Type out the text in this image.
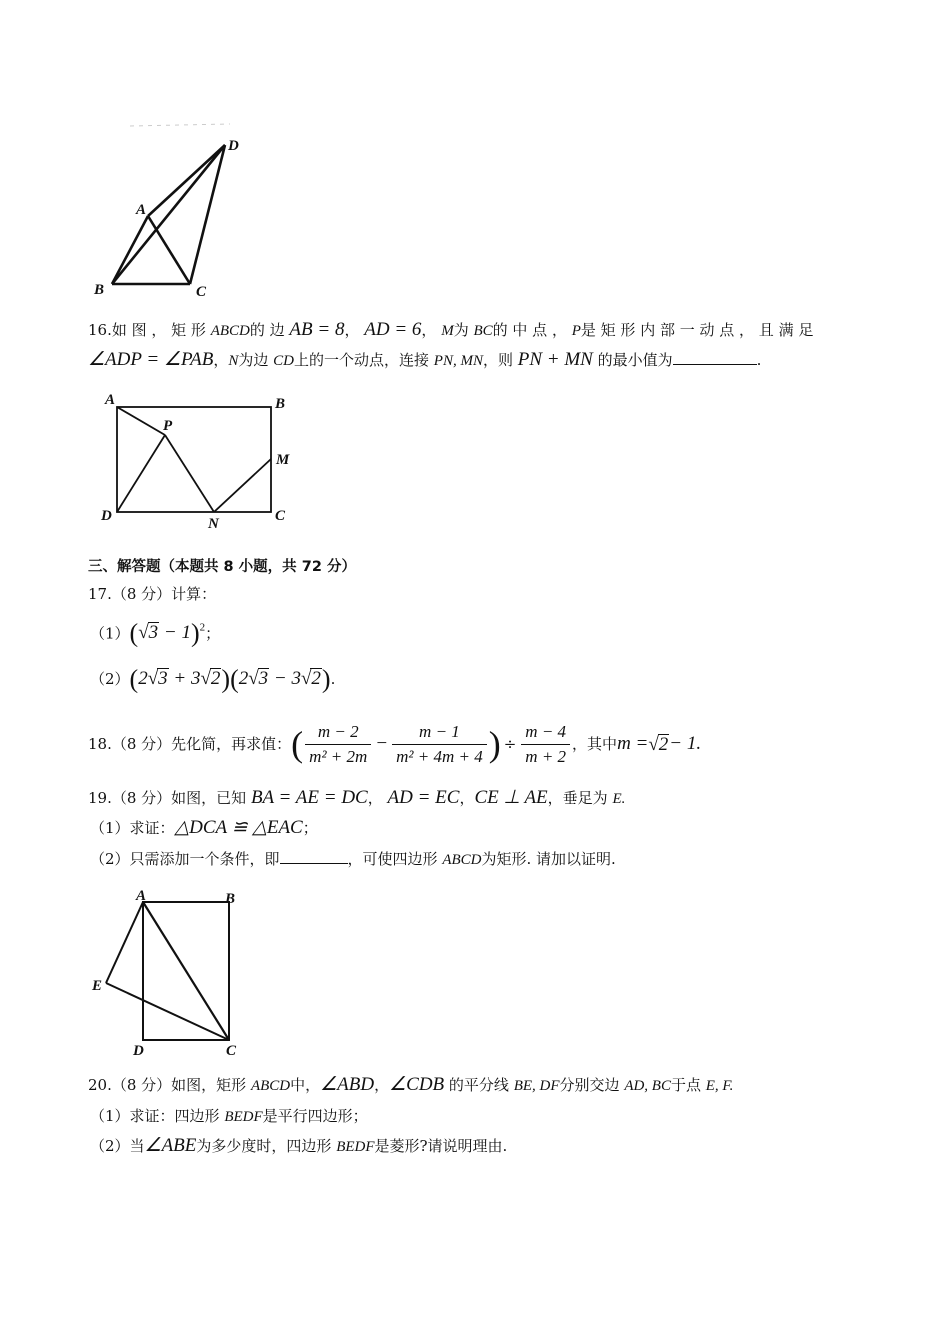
A
B	C
D
16.如 图 ， 矩 形 ABCD的 边 AB = 8， AD = 6， M为 BC的 中 点 ， P是 矩 形 内 部 一 动 点 ， 且 满 足
∠ADP = ∠PAB，N为边 CD上的一个动点，连接 PN, MN，则 PN + MN 的最小值为	.
A	B
P
M
D	N	C
三、解答题（本题共 8 小题，共 72 分）
17.（8 分）计算：
$(1)(√3 - 1)^2$；
（2）(2√3 + 3√2)(2√3 − 3√2).
18.（8 分）先化简，再求值： ( $\frac{m - 2}{\text{m² + 2m}} - \frac{m - 1}{\text{m² + 4m + 4}}$ ) ÷ $\frac{m - 4}{m + 2}$ ，其中 m = √2 − 1.
19.（8 分）如图，已知 BA = AE = DC， AD = EC，CE ⊥ AE，垂足为 E.
（1）求证：△DCA ≌ △EAC；
（2）只需添加一个条件，即	，可使四边形 ABCD为矩形. 请加以证明.
A	B
E
D	C
20.（8 分）如图，矩形 ABCD中，∠ABD，∠CDB 的平分线 BE, DF分别交边 AD, BC于点 E, F.
（1）求证：四边形 BEDF是平行四边形；
（2）当∠ABE为多少度时，四边形 BEDF是菱形?请说明理由.
